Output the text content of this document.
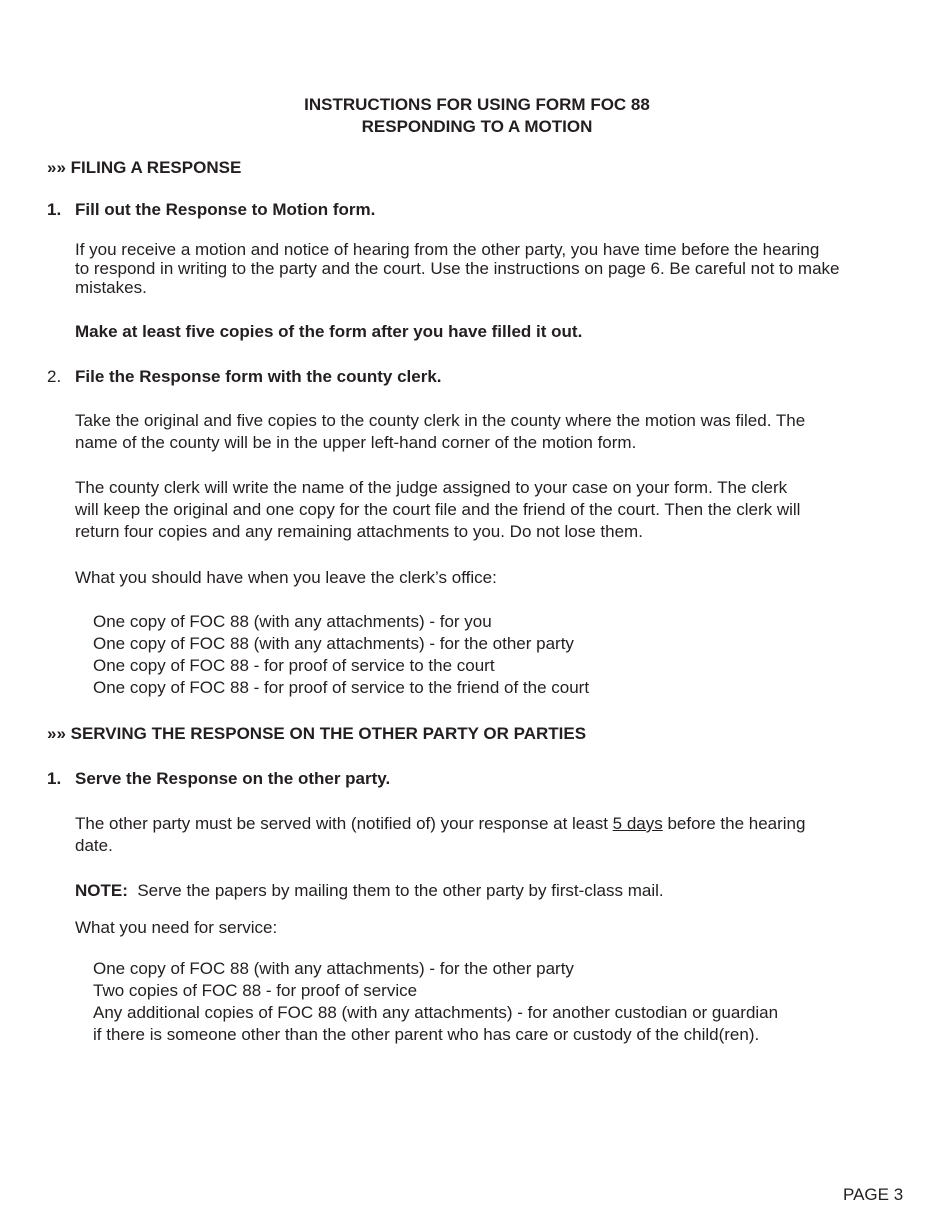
INSTRUCTIONS FOR USING FORM FOC 88
RESPONDING TO A MOTION
»» FILING A RESPONSE
1. Fill out the Response to Motion form.
If you receive a motion and notice of hearing from the other party, you have time before the hearing
to respond in writing to the party and the court. Use the instructions on page 6. Be careful not to make
mistakes.
Make at least five copies of the form after you have filled it out.
2. File the Response form with the county clerk.
Take the original and five copies to the county clerk in the county where the motion was filed. The
name of the county will be in the upper left-hand corner of the motion form.
The county clerk will write the name of the judge assigned to your case on your form. The clerk
will keep the original and one copy for the court file and the friend of the court. Then the clerk will
return four copies and any remaining attachments to you. Do not lose them.
What you should have when you leave the clerk’s office:
One copy of FOC 88 (with any attachments) - for you
One copy of FOC 88 (with any attachments) - for the other party
One copy of FOC 88 - for proof of service to the court
One copy of FOC 88 - for proof of service to the friend of the court
»» SERVING THE RESPONSE ON THE OTHER PARTY OR PARTIES
1. Serve the Response on the other party.
The other party must be served with (notified of) your response at least 5 days before the hearing
date.
NOTE: Serve the papers by mailing them to the other party by first-class mail.
What you need for service:
One copy of FOC 88 (with any attachments) - for the other party
Two copies of FOC 88 - for proof of service
Any additional copies of FOC 88 (with any attachments) - for another custodian or guardian
if there is someone other than the other parent who has care or custody of the child(ren).
PAGE 3
